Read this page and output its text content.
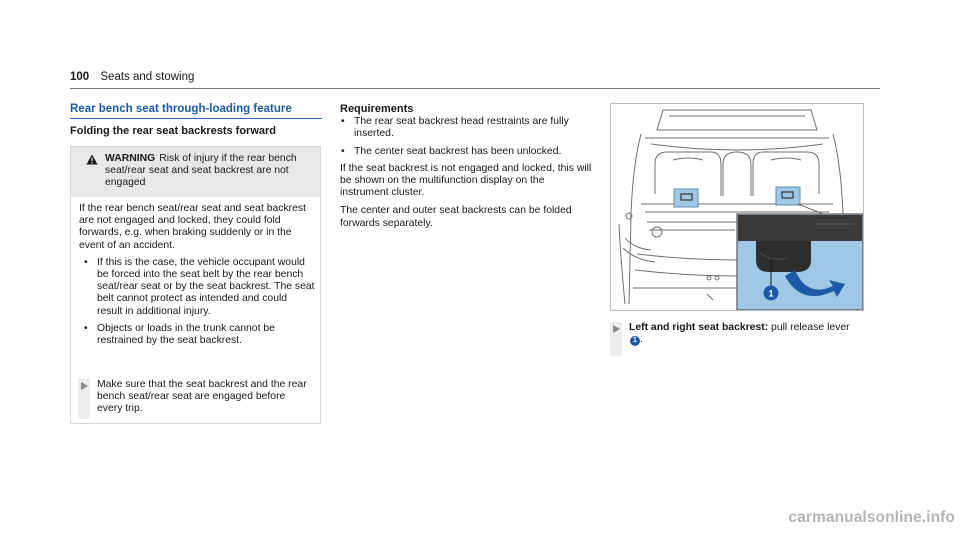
100 Seats and stowing
Rear bench seat through-loading feature
Folding the rear seat backrests forward
WARNING Risk of injury if the rear bench seat/rear seat and seat backrest are not engaged

If the rear bench seat/rear seat and seat backrest are not engaged and locked, they could fold forwards, e.g. when braking suddenly or in the event of an accident.

• If this is the case, the vehicle occupant would be forced into the seat belt by the rear bench seat/rear seat or by the seat backrest. The seat belt cannot protect as intended and could result in additional injury.
• Objects or loads in the trunk cannot be restrained by the seat backrest.
Make sure that the seat backrest and the rear bench seat/rear seat are engaged before every trip.
Requirements
• The rear seat backrest head restraints are fully inserted.
• The center seat backrest has been unlocked.

If the seat backrest is not engaged and locked, this will be shown on the multifunction display on the instrument cluster.

The center and outer seat backrests can be folded forwards separately.

1
Left and right seat backrest: pull release lever 1 .
carmanualsonline.info
